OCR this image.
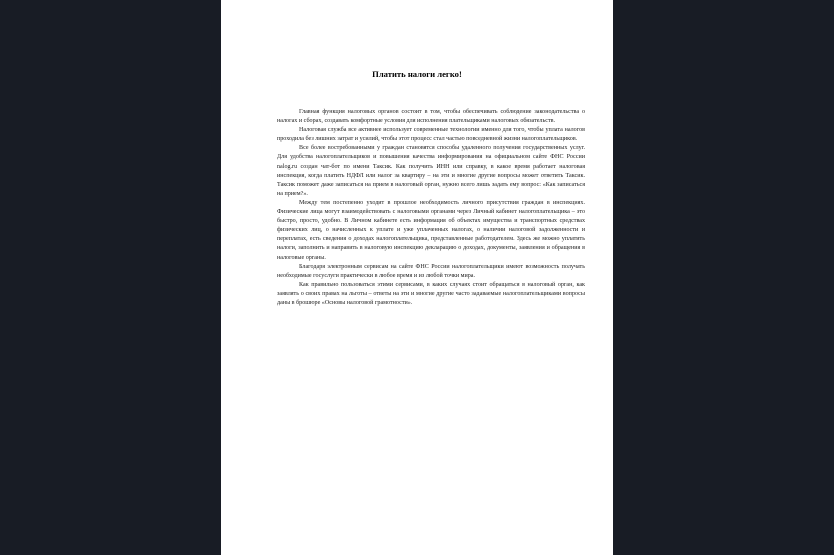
Платить налоги легко!

Главная функция налоговых органов состоит в том, чтобы обеспечивать соблюдение законодательства о налогах и сборах, создавать комфортные условия для исполнения плательщиками налоговых обязательств.

Налоговая служба все активнее использует современные технологии именно для того, чтобы уплата налогов проходила без лишних затрат и усилий, чтобы этот процесс стал частью повседневной жизни налогоплательщиков.

Все более востребованными у граждан становятся способы удаленного получения государственных услуг. Для удобства налогоплательщиков и повышения качества информирования на официальном сайте ФНС России nalog.ru создан чат-бот по имени Таксик. Как получить ИНН или справку, в какое время работает налоговая инспекция, когда платить НДФЛ или налог за квартиру – на эти и многие другие вопросы может ответить Таксик. Таксик поможет даже записаться на прием в налоговый орган, нужно всего лишь задать ему вопрос: «Как записаться на прием?».

Между тем постепенно уходит в прошлое необходимость личного присутствия граждан в инспекциях. Физические лица могут взаимодействовать с налоговыми органами через Личный кабинет налогоплательщика – это быстро, просто, удобно. В Личном кабинете есть информация об объектах имущества и транспортных средствах физических лиц, о начисленных к уплате и уже уплаченных налогах, о наличии налоговой задолженности и переплатах, есть сведения о доходах налогоплательщика, представленные работодателем. Здесь же можно уплатить налоги, заполнить и направить в налоговую инспекцию декларацию о доходах, документы, заявления и обращения в налоговые органы.

Благодаря электронным сервисам на сайте ФНС России налогоплательщики имеют возможность получать необходимые госуслуги практически в любое время и из любой точки мира.

Как правильно пользоваться этими сервисами, в каких случаях стоит обращаться в налоговый орган, как заявлять о своих правах на льготы – ответы на эти и многие другие часто задаваемые налогоплательщиками вопросы даны в брошюре «Основы налоговой грамотности».
